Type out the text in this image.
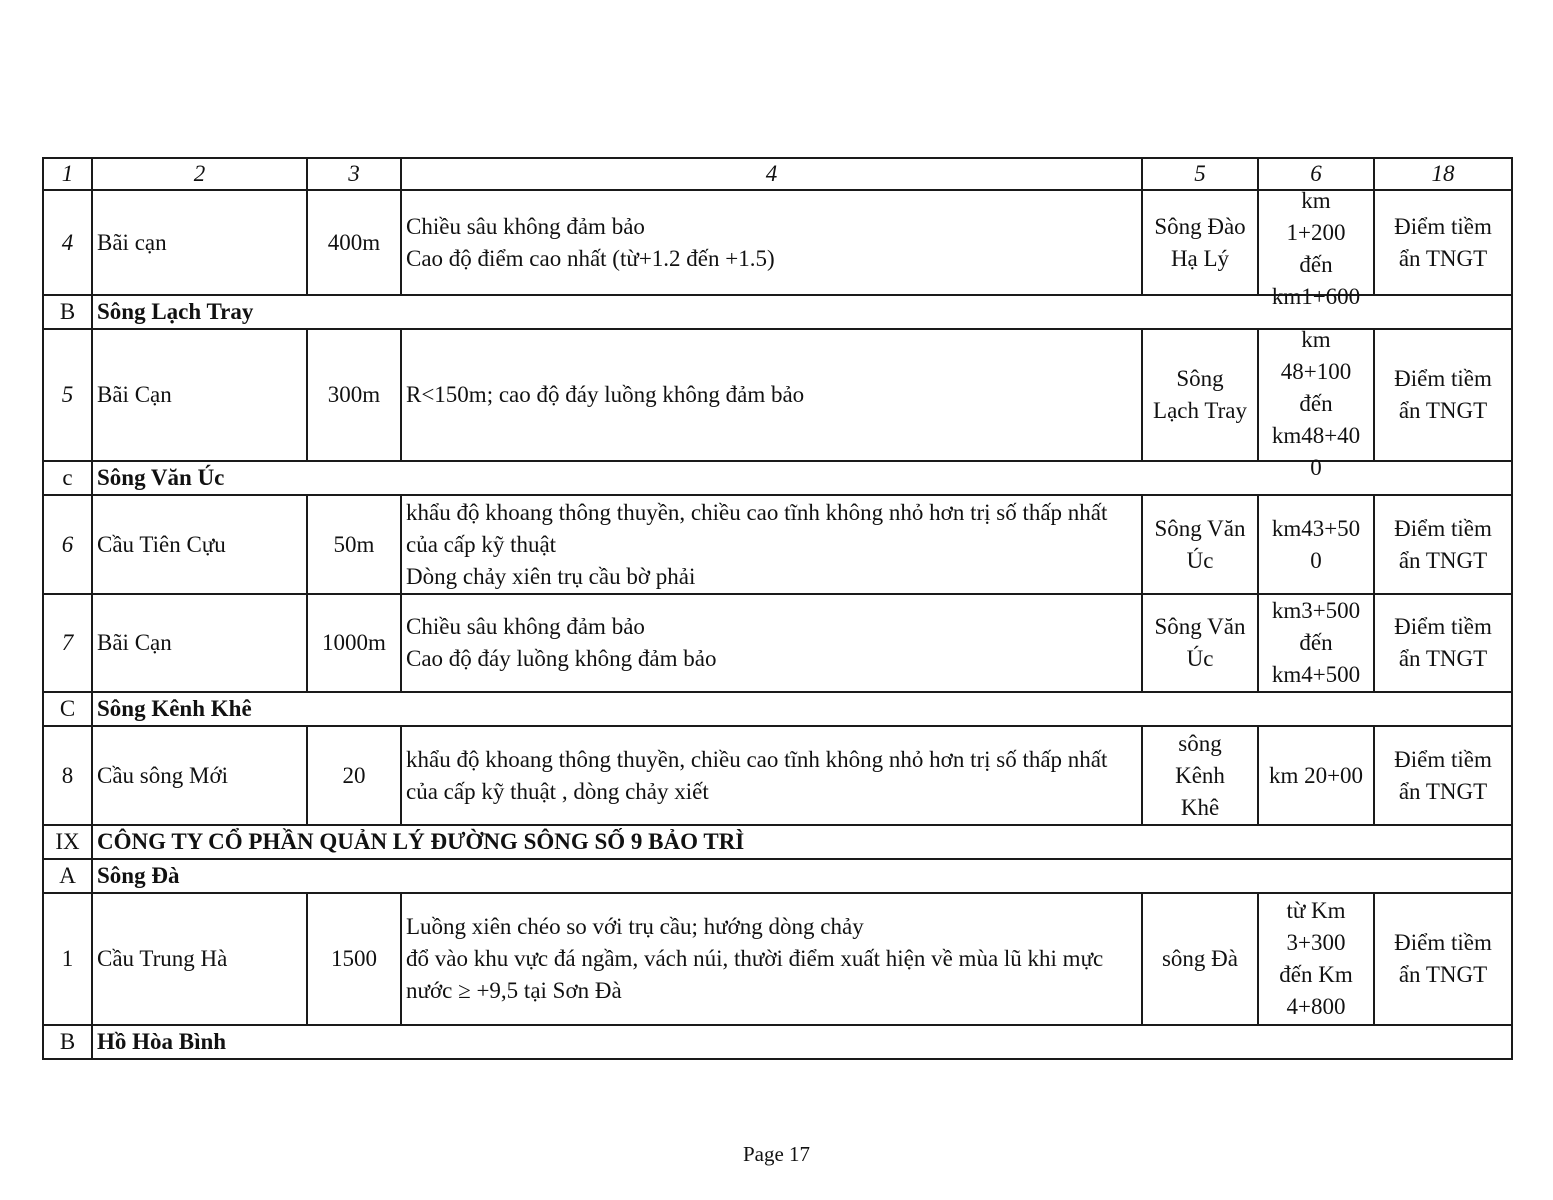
1	2	3	4	5	6	18
4	Bãi cạn	400m	Chiều sâu không đảm bảo
Cao độ điểm cao nhất (từ+1.2 đến +1.5)	Sông Đào
Hạ Lý	km
1+200
đến
km1+600	Điểm tiềm
ẩn TNGT
B	Sông Lạch Tray					
5	Bãi Cạn	300m	R<150m; cao độ đáy luồng không đảm bảo	Sông
Lạch Tray	km
48+100
đến
km48+40
0	Điểm tiềm
ẩn TNGT
c	Sông Văn Úc					
6	Cầu Tiên Cựu	50m	khẩu độ khoang thông thuyền, chiều cao tĩnh không nhỏ hơn trị số thấp nhất của cấp kỹ thuật
Dòng chảy xiên trụ cầu bờ phải	Sông Văn
Úc	km43+50
0	Điểm tiềm
ẩn TNGT
7	Bãi Cạn	1000m	Chiều sâu không đảm bảo
Cao độ đáy luồng không đảm bảo	Sông Văn
Úc	km3+500
đến
km4+500	Điểm tiềm
ẩn TNGT
C	Sông Kênh Khê					
8	Cầu sông Mới	20	khẩu độ khoang thông thuyền, chiều cao tĩnh không nhỏ hơn trị số thấp nhất của cấp kỹ thuật , dòng chảy xiết	sông
Kênh
Khê	km 20+00	Điểm tiềm
ẩn TNGT
IX	CÔNG TY CỔ PHẦN QUẢN LÝ ĐƯỜNG SÔNG SỐ 9 BẢO TRÌ					
A	Sông Đà					
1	Cầu Trung Hà	1500	Luồng xiên chéo so với trụ cầu; hướng dòng chảy
đổ vào khu vực đá ngầm, vách núi, thười điểm xuất hiện về mùa lũ khi mực nước ≥ +9,5 tại Sơn Đà	sông Đà	từ Km
3+300
đến Km
4+800	Điểm tiềm
ẩn TNGT
B	Hồ Hòa Bình					
Page 17
